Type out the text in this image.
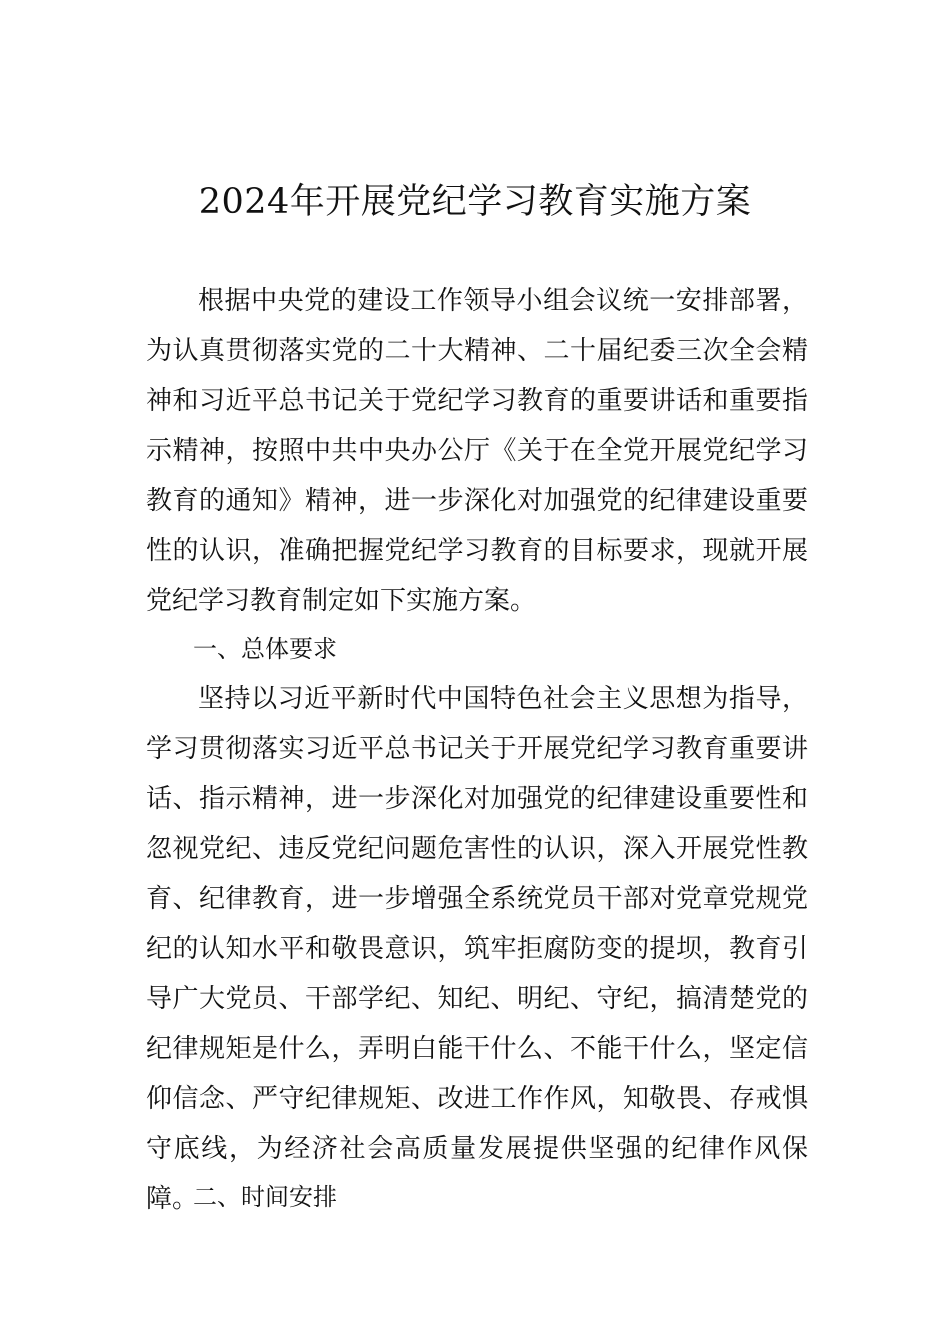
2024年开展党纪学习教育实施方案
根据中央党的建设工作领导小组会议统一安排部署，为认真贯彻落实党的二十大精神、二十届纪委三次全会精神和习近平总书记关于党纪学习教育的重要讲话和重要指示精神，按照中共中央办公厅《关于在全党开展党纪学习教育的通知》精神，进一步深化对加强党的纪律建设重要性的认识，准确把握党纪学习教育的目标要求，现就开展党纪学习教育制定如下实施方案。
一、总体要求
坚持以习近平新时代中国特色社会主义思想为指导，学习贯彻落实习近平总书记关于开展党纪学习教育重要讲话、指示精神，进一步深化对加强党的纪律建设重要性和忽视党纪、违反党纪问题危害性的认识，深入开展党性教育、纪律教育，进一步增强全系统党员干部对党章党规党纪的认知水平和敬畏意识，筑牢拒腐防变的提坝，教育引导广大党员、干部学纪、知纪、明纪、守纪，搞清楚党的纪律规矩是什么，弄明白能干什么、不能干什么，坚定信仰信念、严守纪律规矩、改进工作作风，知敬畏、存戒惧守底线，为经济社会高质量发展提供坚强的纪律作风保障。
二、时间安排
